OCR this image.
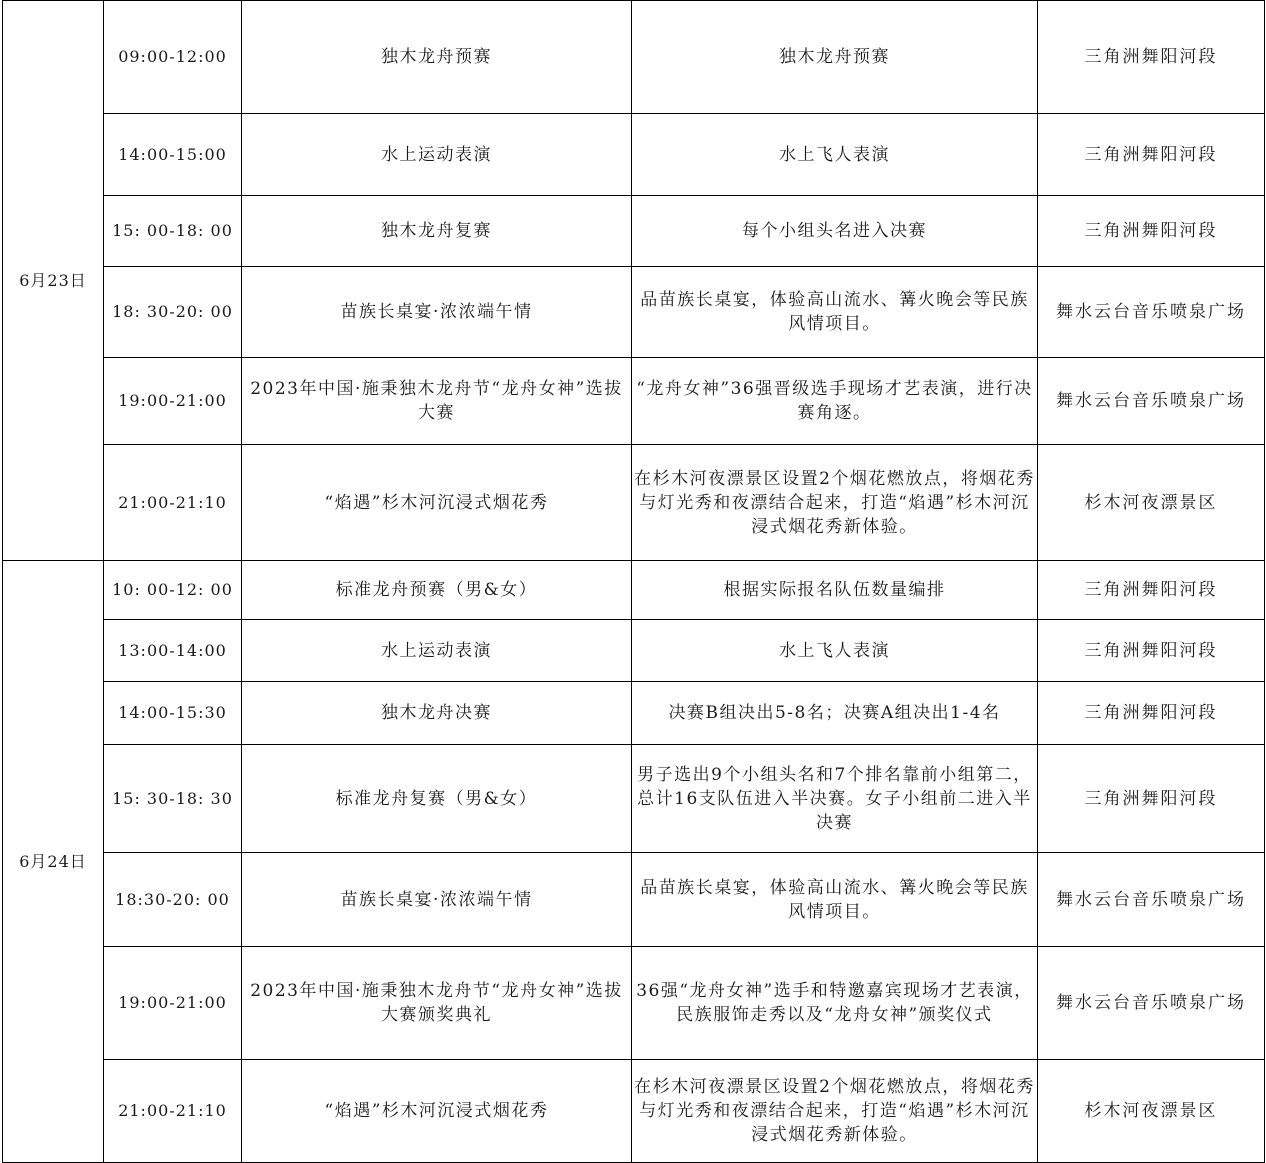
6月23日	09:00-12:00	独木龙舟预赛	独木龙舟预赛	三角洲舞阳河段
	14:00-15:00	水上运动表演	水上飞人表演	三角洲舞阳河段
	15: 00-18: 00	独木龙舟复赛	每个小组头名进入决赛	三角洲舞阳河段
	18: 30-20: 00	苗族长桌宴·浓浓端午情	品苗族长桌宴，体验高山流水、篝火晚会等民族风情项目。	舞水云台音乐喷泉广场
	19:00-21:00	2023年中国·施秉独木龙舟节“龙舟女神”选拔大赛	“龙舟女神”36强晋级选手现场才艺表演，进行决赛角逐。	舞水云台音乐喷泉广场
	21:00-21:10	“焰遇”杉木河沉浸式烟花秀	在杉木河夜漂景区设置2个烟花燃放点，将烟花秀与灯光秀和夜漂结合起来，打造“焰遇”杉木河沉浸式烟花秀新体验。	杉木河夜漂景区
6月24日	10: 00-12: 00	标准龙舟预赛（男&女）	根据实际报名队伍数量编排	三角洲舞阳河段
	13:00-14:00	水上运动表演	水上飞人表演	三角洲舞阳河段
	14:00-15:30	独木龙舟决赛	决赛B组决出5-8名；决赛A组决出1-4名	三角洲舞阳河段
	15: 30-18: 30	标准龙舟复赛（男&女）	男子选出9个小组头名和7个排名靠前小组第二，总计16支队伍进入半决赛。女子小组前二进入半决赛	三角洲舞阳河段
	18:30-20: 00	苗族长桌宴·浓浓端午情	品苗族长桌宴，体验高山流水、篝火晚会等民族风情项目。	舞水云台音乐喷泉广场
	19:00-21:00	2023年中国·施秉独木龙舟节“龙舟女神”选拔大赛颁奖典礼	36强“龙舟女神”选手和特邀嘉宾现场才艺表演，民族服饰走秀以及“龙舟女神”颁奖仪式	舞水云台音乐喷泉广场
	21:00-21:10	“焰遇”杉木河沉浸式烟花秀	在杉木河夜漂景区设置2个烟花燃放点，将烟花秀与灯光秀和夜漂结合起来，打造“焰遇”杉木河沉浸式烟花秀新体验。	杉木河夜漂景区
